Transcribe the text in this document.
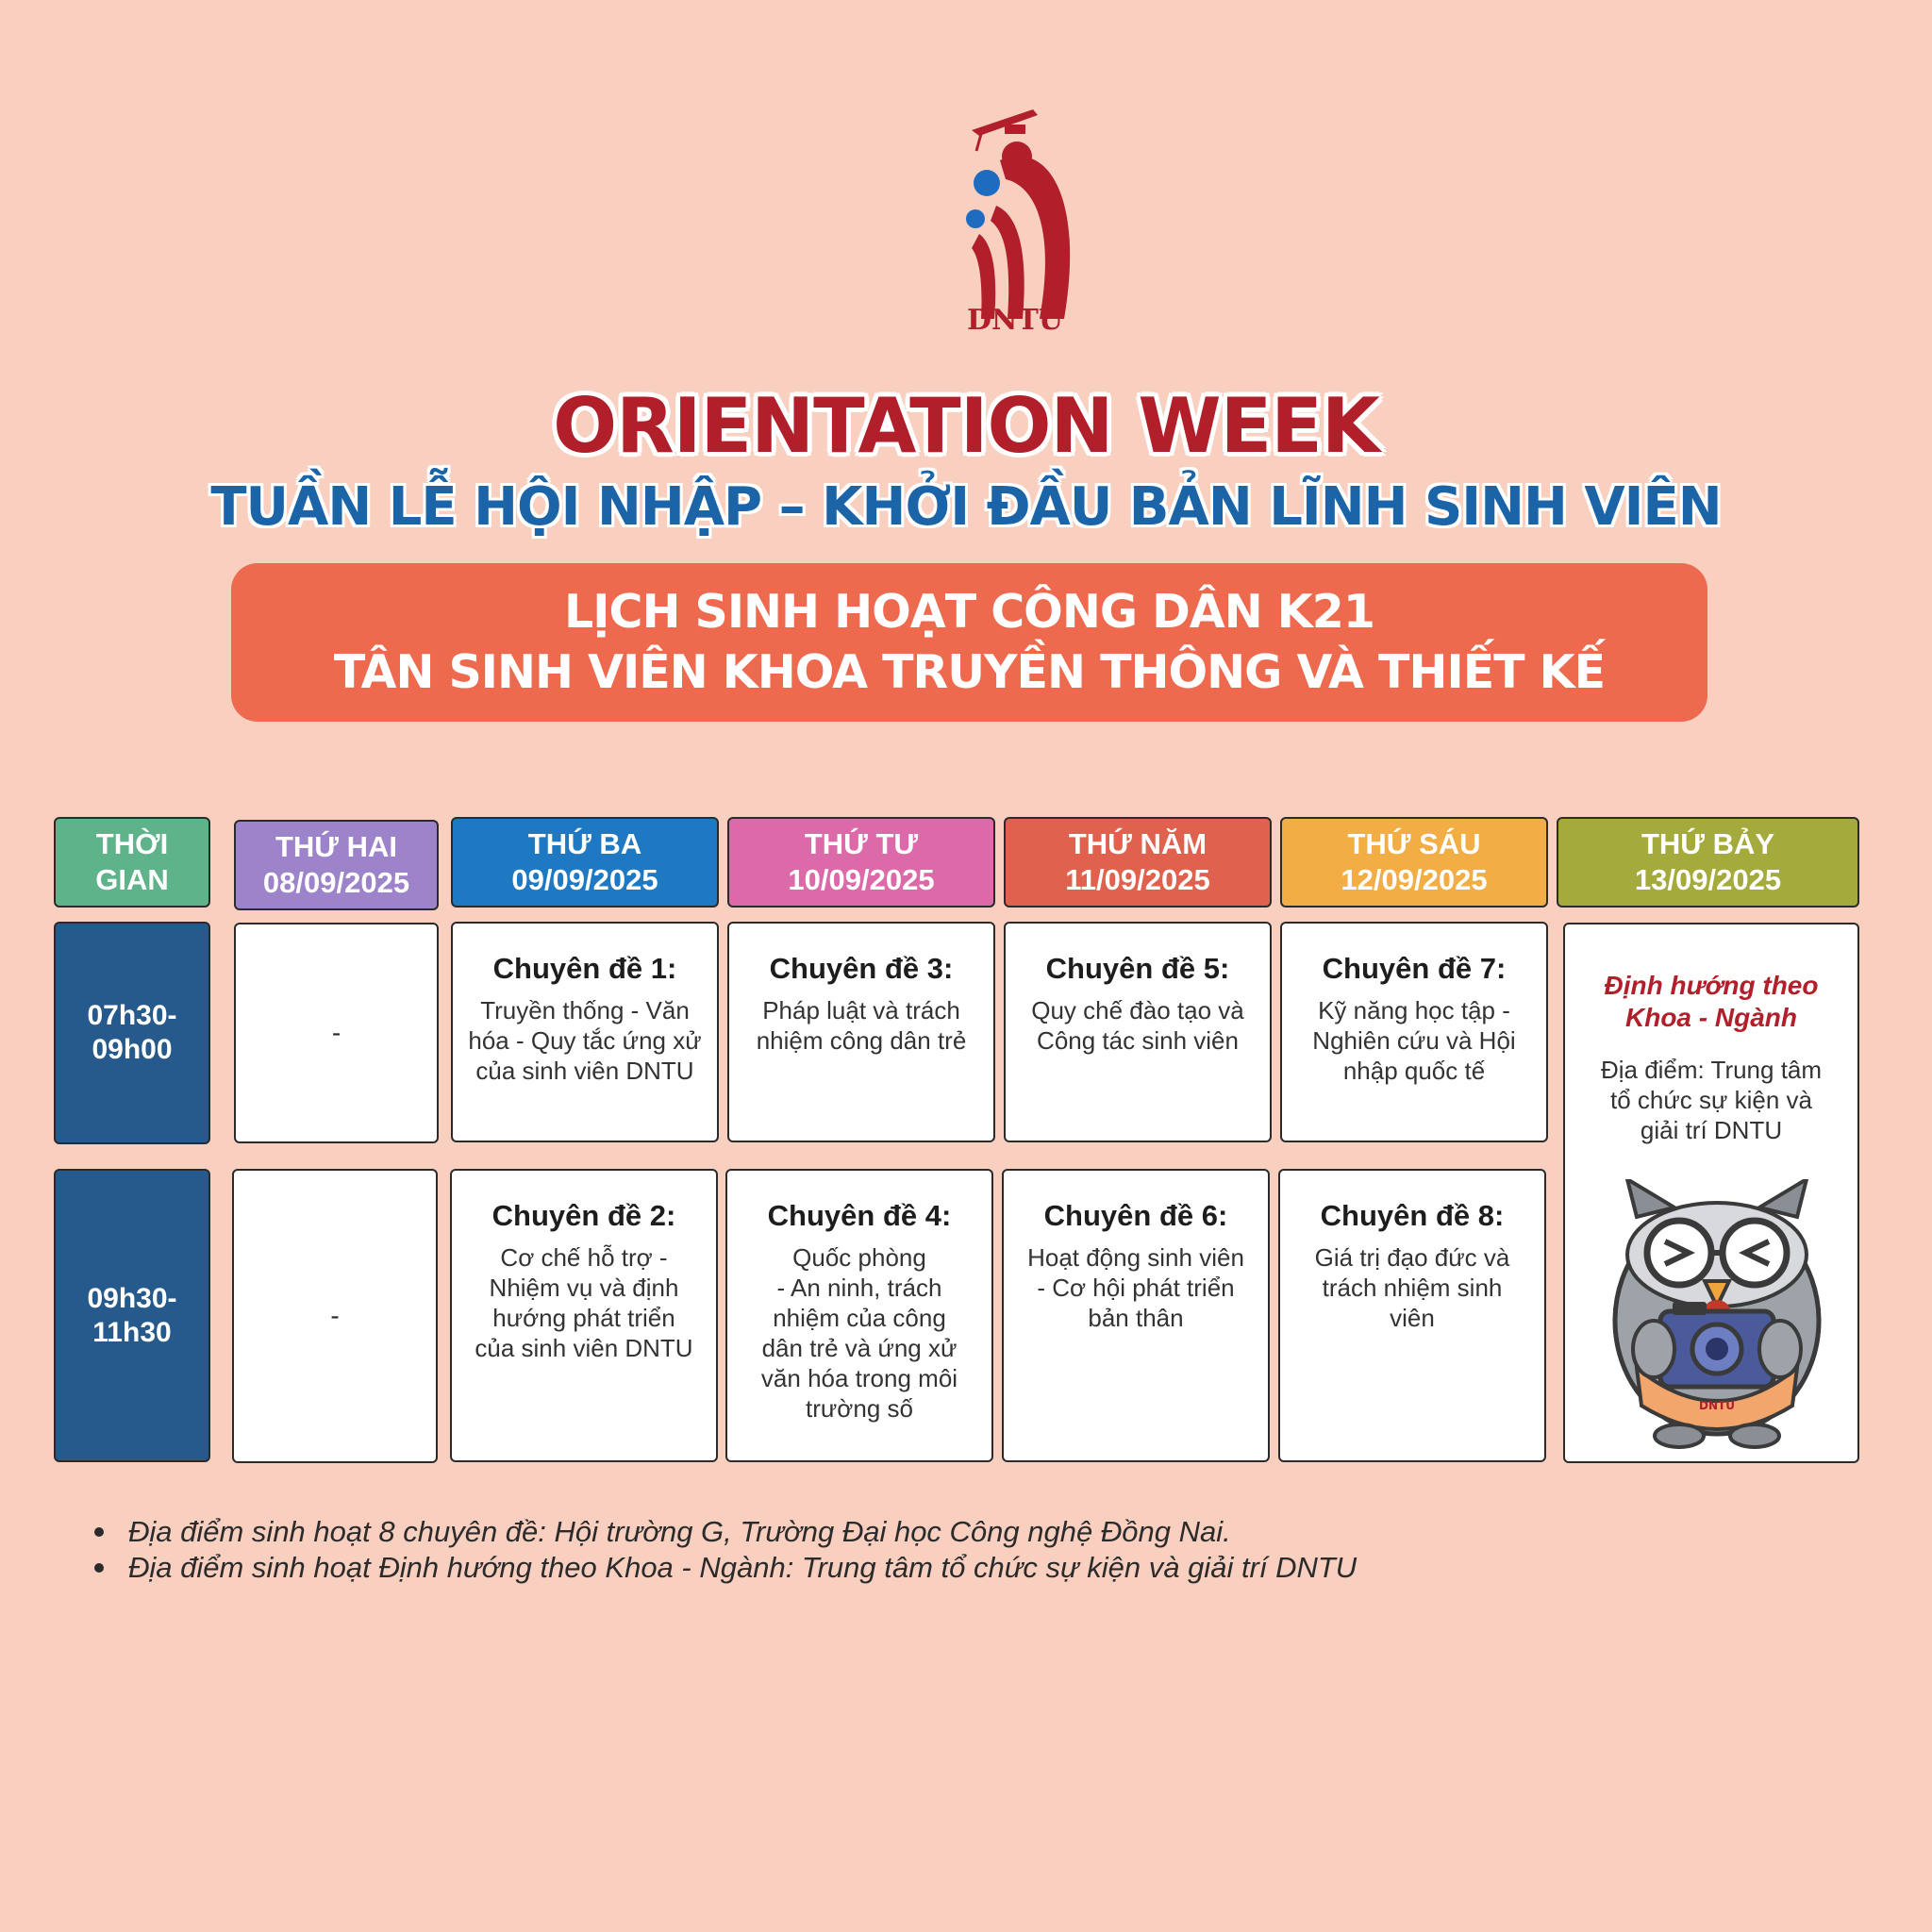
DNTU
ORIENTATION WEEK
TUẦN LỄ HỘI NHẬP – KHỞI ĐẦU BẢN LĨNH SINH VIÊN
LỊCH SINH HOẠT CÔNG DÂN K21
TÂN SINH VIÊN KHOA TRUYỀN THÔNG VÀ THIẾT KẾ
THỜI
GIAN
THỨ HAI
08/09/2025
THỨ BA
09/09/2025
THỨ TƯ
10/09/2025
THỨ NĂM
11/09/2025
THỨ SÁU
12/09/2025
THỨ BẢY
13/09/2025
07h30-
09h00
09h30-
11h30
-
Chuyên đề 1:
Truyền thống - Văn
hóa - Quy tắc ứng xử
của sinh viên DNTU
Chuyên đề 3:
Pháp luật và trách
nhiệm công dân trẻ
Chuyên đề 5:
Quy chế đào tạo và
Công tác sinh viên
Chuyên đề 7:
Kỹ năng học tập -
Nghiên cứu và Hội
nhập quốc tế
-
Chuyên đề 2:
Cơ chế hỗ trợ -
Nhiệm vụ và định
hướng phát triển
của sinh viên DNTU
Chuyên đề 4:
Quốc phòng
- An ninh, trách
nhiệm của công
dân trẻ và ứng xử
văn hóa trong môi
trường số
Chuyên đề 6:
Hoạt động sinh viên
- Cơ hội phát triển
bản thân
Chuyên đề 8:
Giá trị đạo đức và
trách nhiệm sinh
viên
Định hướng theo
Khoa - Ngành
Địa điểm: Trung tâm
tổ chức sự kiện và
giải trí DNTU
DNTU
Địa điểm sinh hoạt 8 chuyên đề: Hội trường G, Trường Đại học Công nghệ Đồng Nai.
Địa điểm sinh hoạt Định hướng theo Khoa - Ngành: Trung tâm tổ chức sự kiện và giải trí DNTU
